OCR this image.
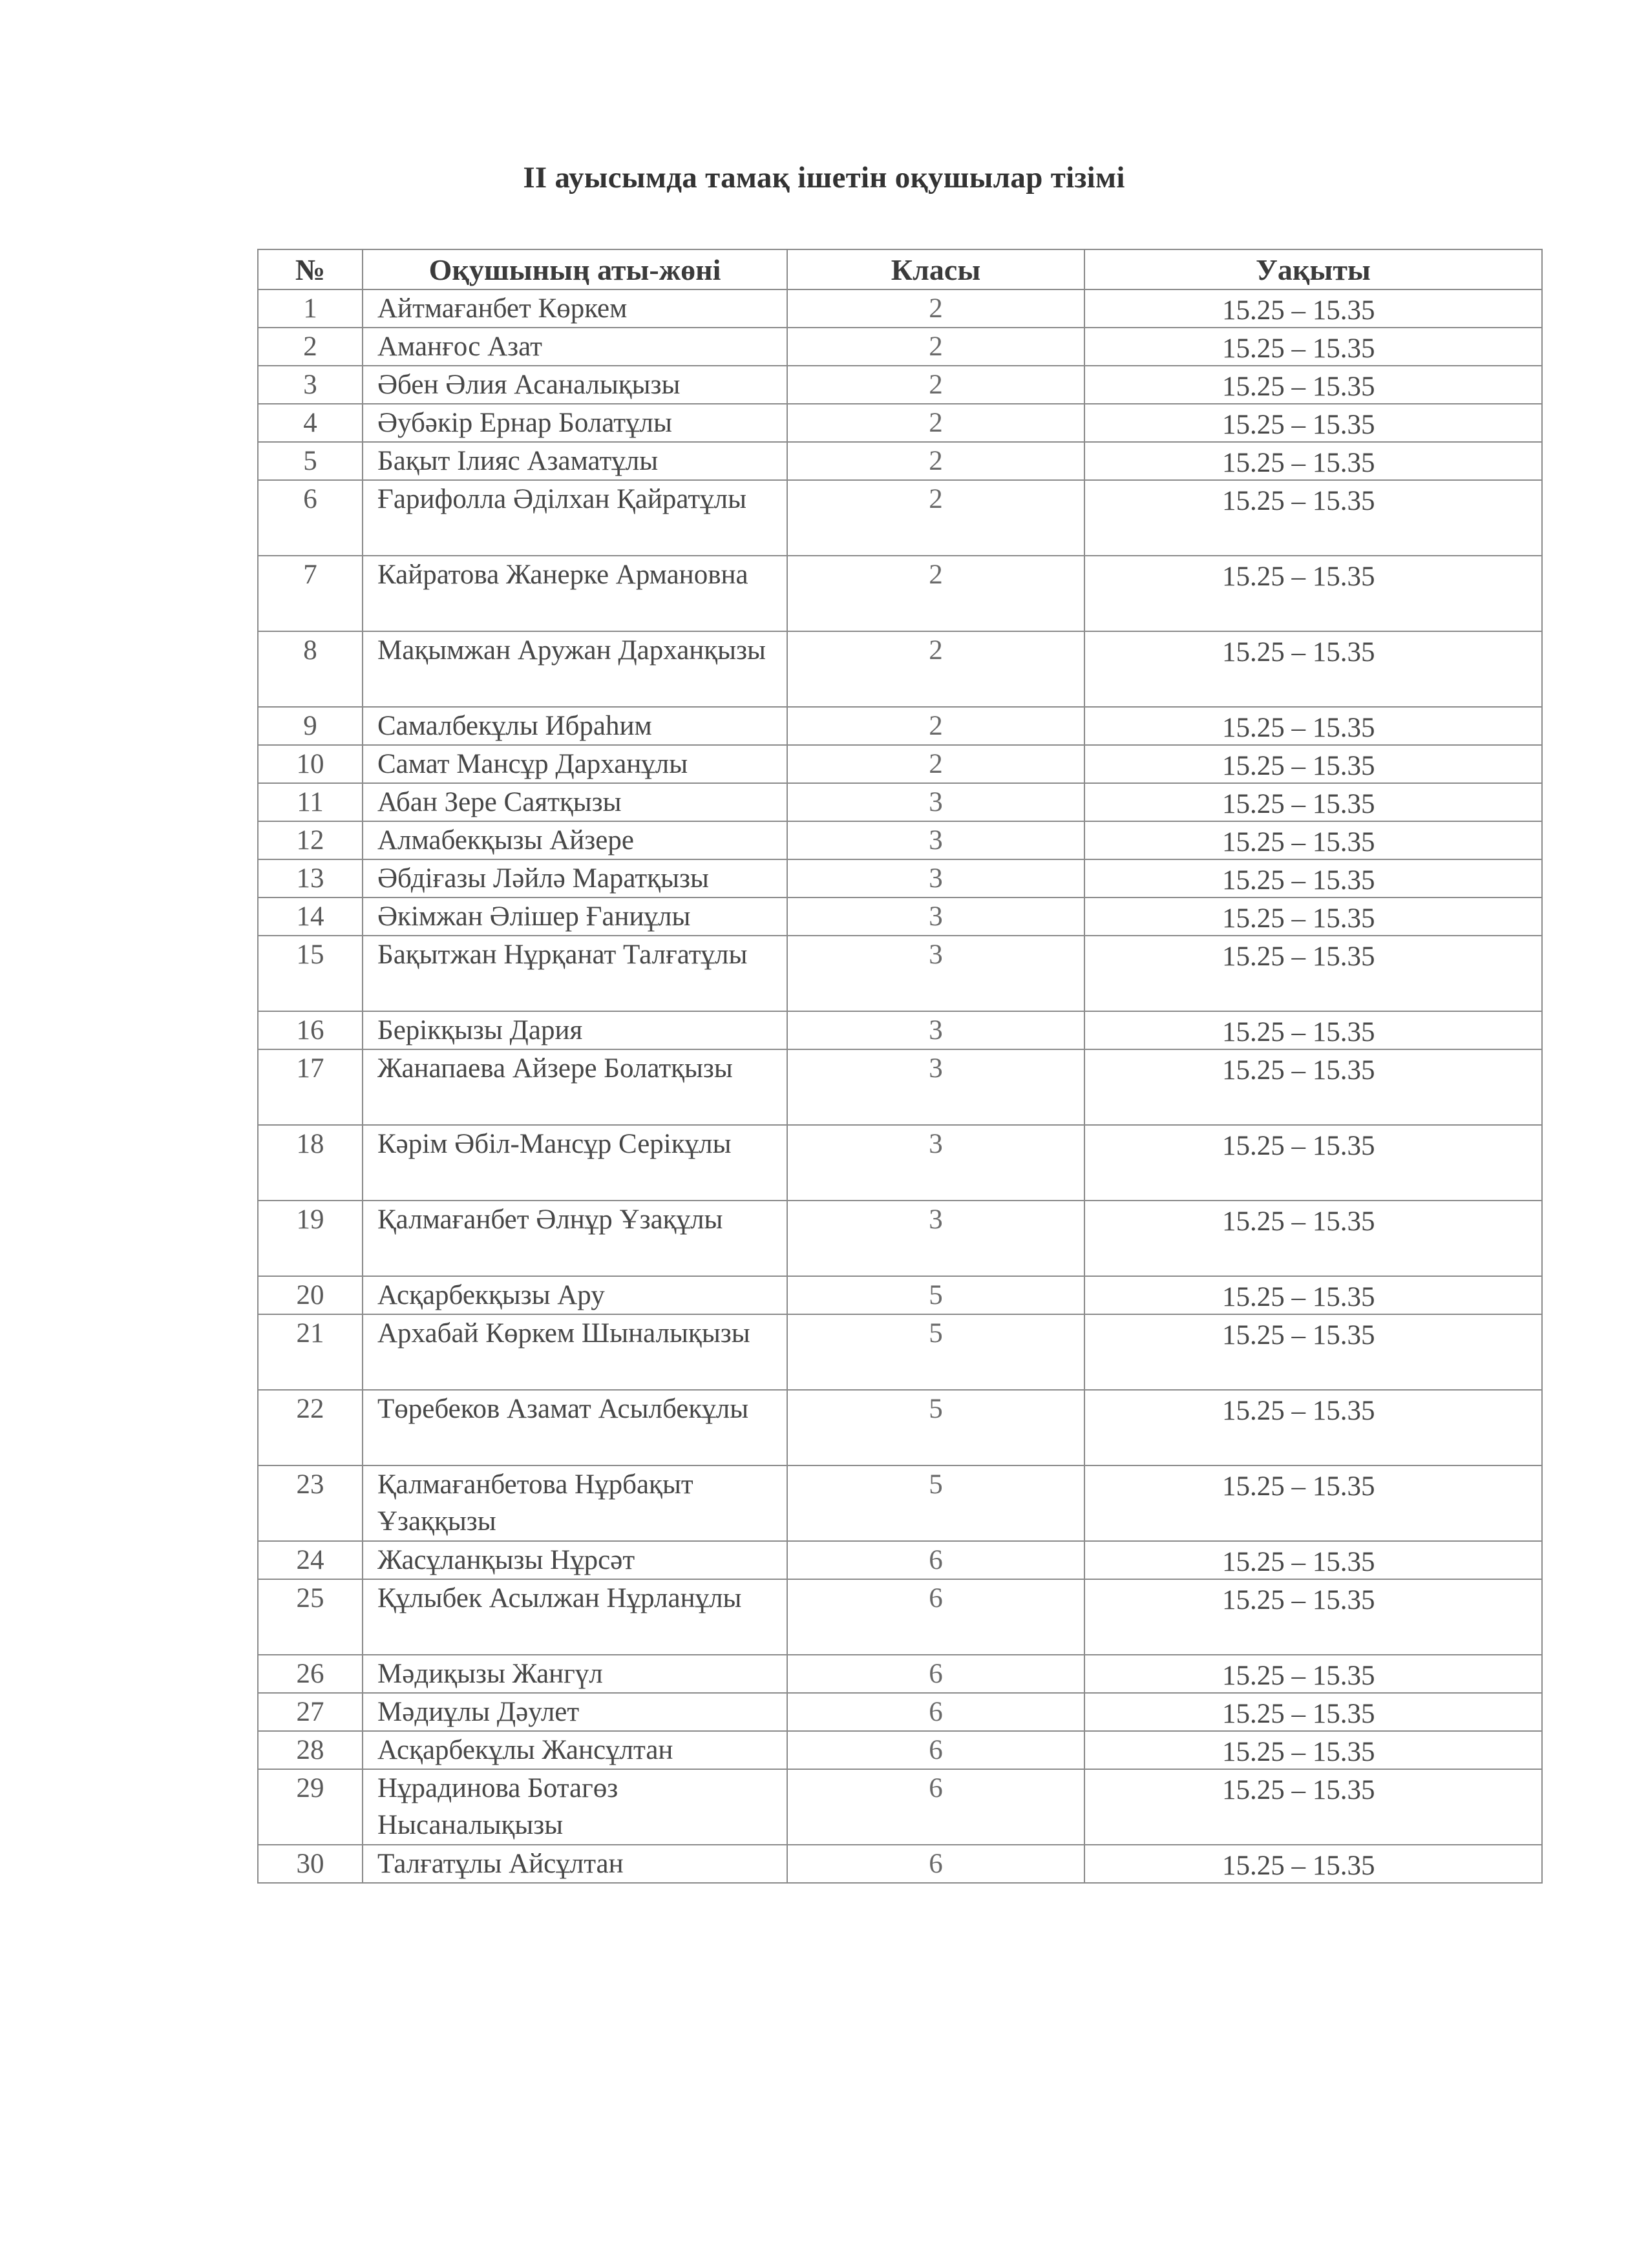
II ауысымда тамақ ішетін оқушылар тізімі
№	Оқушының аты-жөні	Класы	Уақыты
1	Айтмағанбет Көркем	2	15.25 – 15.35
2	Аманғос Азат	2	15.25 – 15.35
3	Әбен Әлия Асаналықызы	2	15.25 – 15.35
4	Әубәкір Ернар Болатұлы	2	15.25 – 15.35
5	Бақыт Ілияс Азаматұлы	2	15.25 – 15.35
6	Ғарифолла Әділхан Қайратұлы	2	15.25 – 15.35
7	Кайратова Жанерке Армановна	2	15.25 – 15.35
8	Мақымжан Аружан Дарханқызы	2	15.25 – 15.35
9	Самалбекұлы Ибраһим	2	15.25 – 15.35
10	Самат Мансұр Дарханұлы	2	15.25 – 15.35
11	Абан Зере Саятқызы	3	15.25 – 15.35
12	Алмабекқызы Айзере	3	15.25 – 15.35
13	Әбдіғазы Ләйлә Маратқызы	3	15.25 – 15.35
14	Әкімжан Әлішер Ғаниұлы	3	15.25 – 15.35
15	Бақытжан Нұрқанат Талғатұлы	3	15.25 – 15.35
16	Берікқызы Дария	3	15.25 – 15.35
17	Жанапаева Айзере Болатқызы	3	15.25 – 15.35
18	Кәрім Әбіл-Мансұр Серікұлы	3	15.25 – 15.35
19	Қалмағанбет Әлнұр Ұзақұлы	3	15.25 – 15.35
20	Асқарбекқызы Ару	5	15.25 – 15.35
21	Архабай Көркем Шыналықызы	5	15.25 – 15.35
22	Төребеков Азамат Асылбекұлы	5	15.25 – 15.35
23	Қалмағанбетова Нұрбақыт Ұзаққызы	5	15.25 – 15.35
24	Жасұланқызы Нұрсәт	6	15.25 – 15.35
25	Құлыбек Асылжан Нұрланұлы	6	15.25 – 15.35
26	Мәдиқызы Жангүл	6	15.25 – 15.35
27	Мәдиұлы Дәулет	6	15.25 – 15.35
28	Асқарбекұлы Жансұлтан	6	15.25 – 15.35
29	Нұрадинова Ботагөз Нысаналықызы	6	15.25 – 15.35
30	Талғатұлы Айсұлтан	6	15.25 – 15.35
